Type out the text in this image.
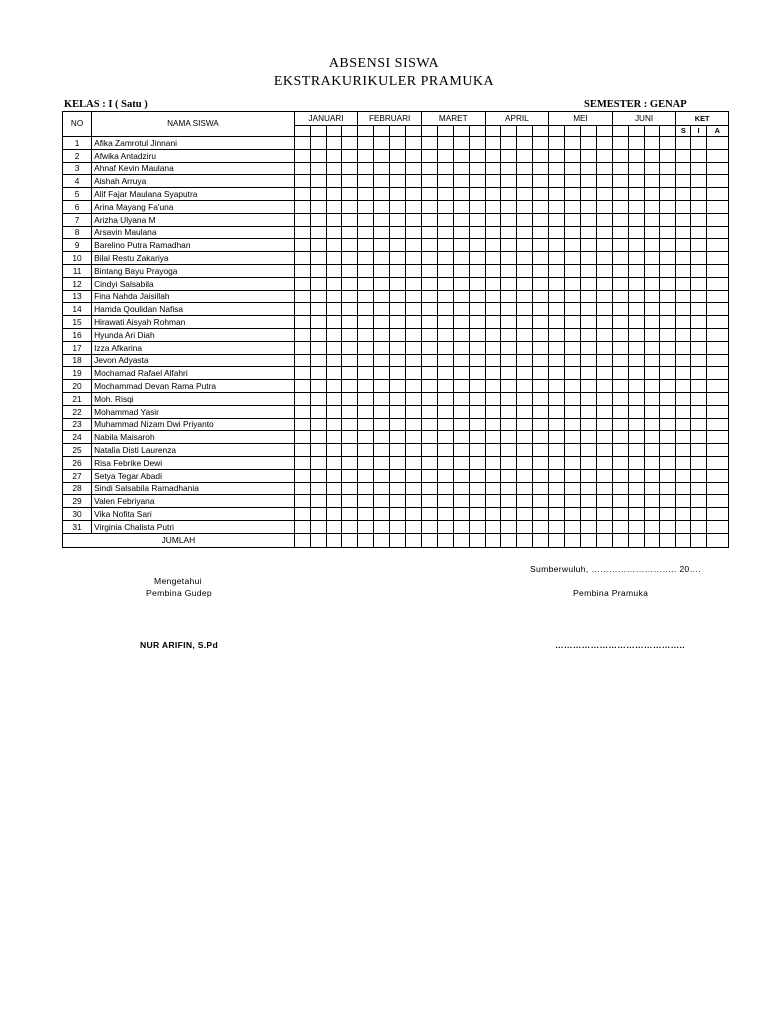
ABSENSI SISWA
EKSTRAKURIKULER PRAMUKA
KELAS : I ( Satu )	SEMESTER : GENAP
NO	NAMA SISWA	JANUARI				FEBRUARI				MARET				APRIL				MEI				JUNI				KET		
																										S	I	A
1	Afika Zamrotul Jinnani																											
2	Afwika Antadziru																											
3	Ahnaf Kevin Maulana																											
4	Aishah Arruya																											
5	Alif Fajar Maulana Syaputra																											
6	Arina Mayang Fa'una																											
7	Arizha Ulyana M																											
8	Arsavin Maulana																											
9	Barelino Putra Ramadhan																											
10	Bilal Restu Zakariya																											
11	Bintang Bayu Prayoga																											
12	Cindyi Salsabila																											
13	Fina Nahda Jaisillah																											
14	Hamda Qoulidan Nafisa																											
15	Hirawati Aisyah Rohman																											
16	Hyunda Ari Diah																											
17	Izza Afkarina																											
18	Jevon Adyasta																											
19	Mochamad Rafael Alfahri																											
20	Mochammad Devan Rama Putra																											
21	Moh. Risqi																											
22	Mohammad Yasir																											
23	Muhammad Nizam Dwi Priyanto																											
24	Nabila Maisaroh																											
25	Natalia Disti Laurenza																											
26	Risa Febrike Dewi																											
27	Setya Tegar Abadi																											
28	Sindi Salsabila Ramadhania																											
29	Valen Febriyana																											
30	Vika Nofita Sari																											
31	Virginia Chalista Putri																											
JUMLAH																												
Sumberwuluh, ……………………….. 20….
Mengetahui
Pembina Gudep	Pembina Pramuka
NUR ARIFIN, S.Pd	……………………………………..
